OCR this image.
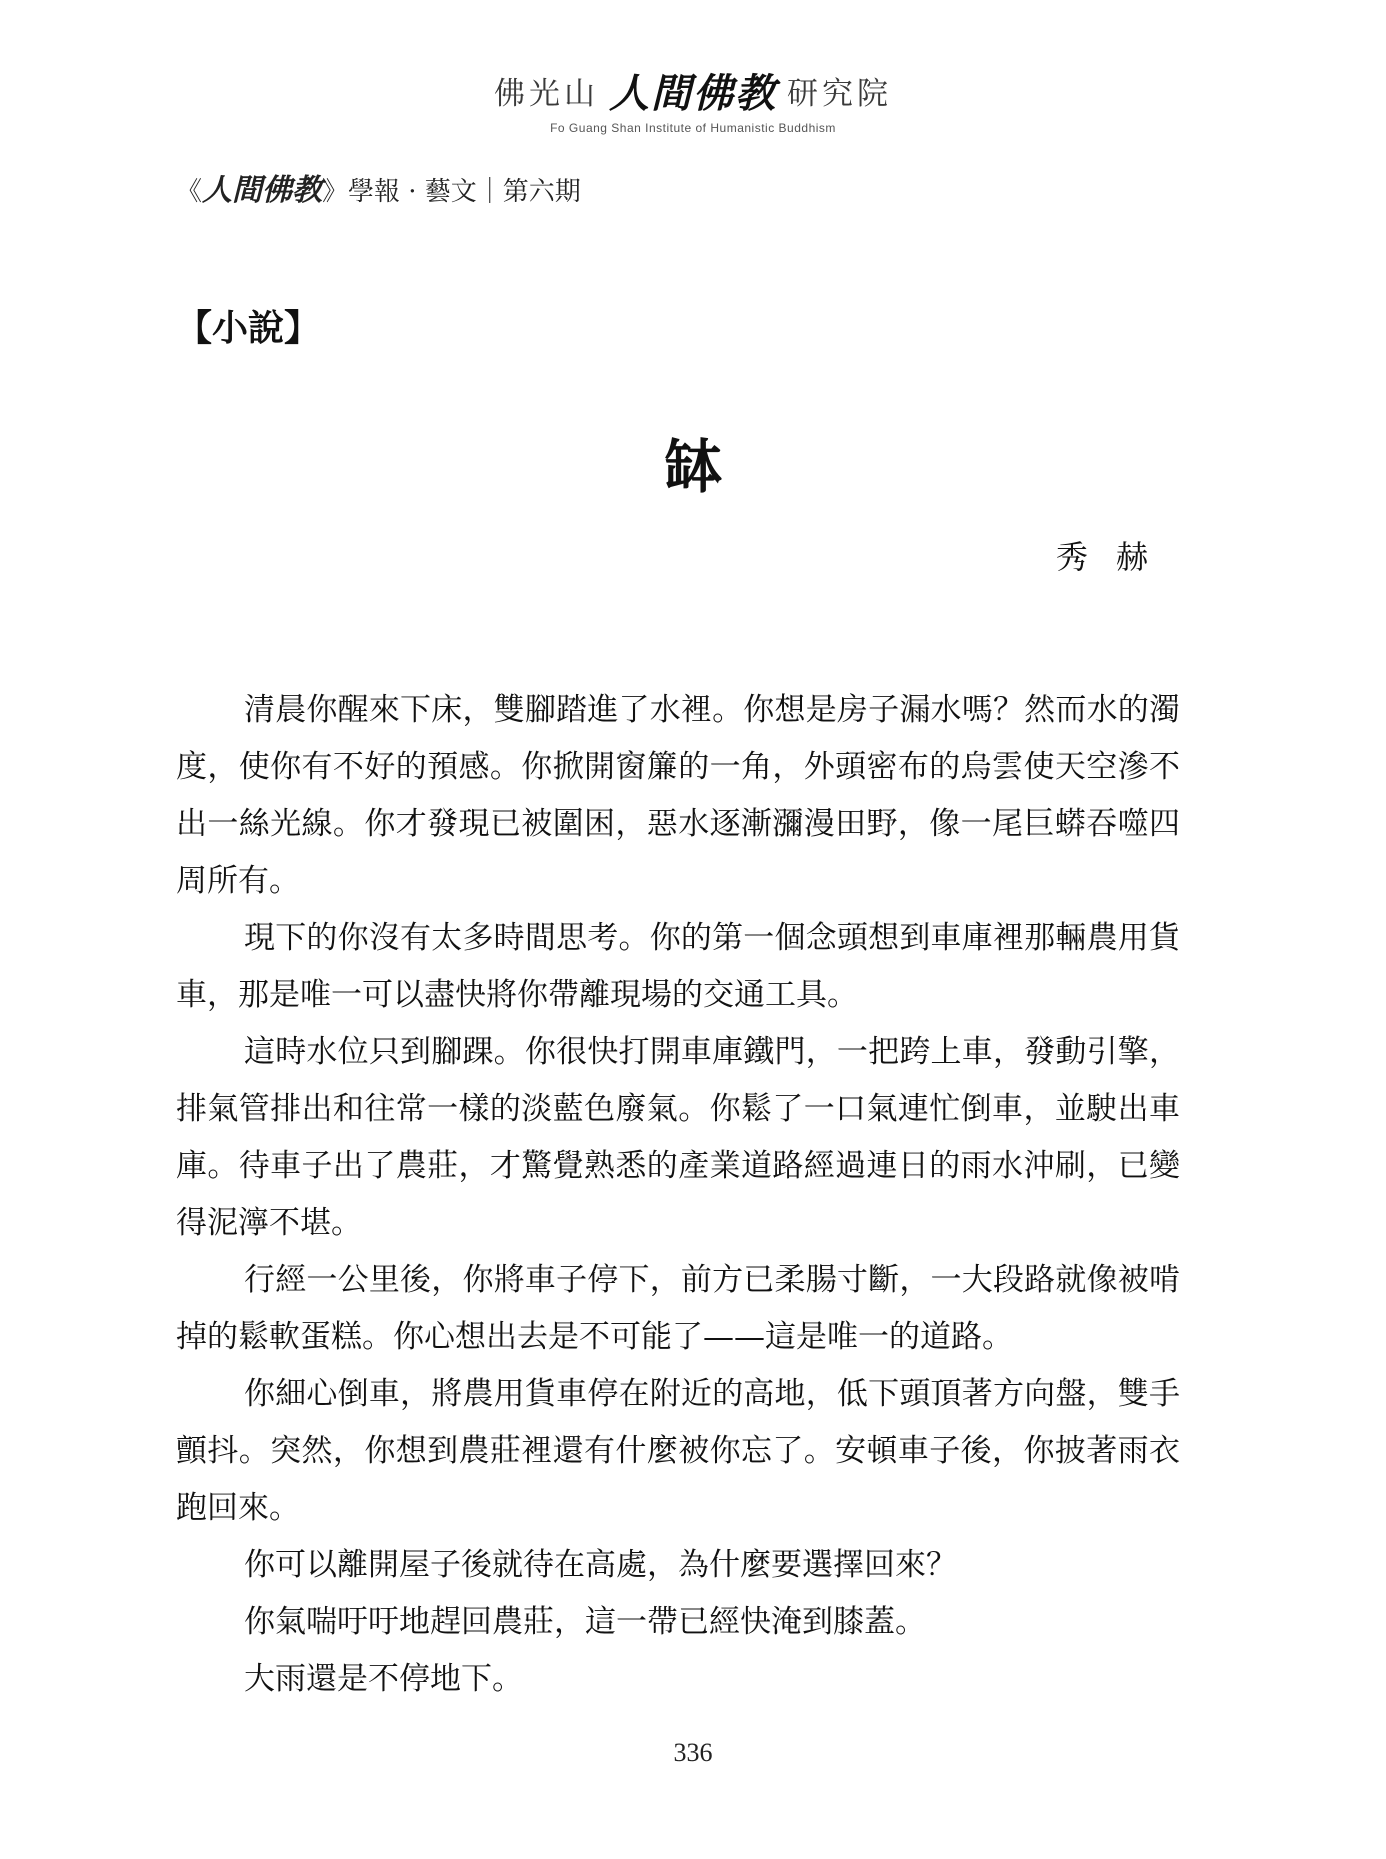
佛光山 人間佛教 研究院
Fo Guang Shan Institute of Humanistic Buddhism
《人間佛教》學報 · 藝文｜第六期
【小說】
缽
秀赫

清晨你醒來下床，雙腳踏進了水裡。你想是房子漏水嗎？然而水的濁度，使你有不好的預感。你掀開窗簾的一角，外頭密布的烏雲使天空滲不出一絲光線。你才發現已被圍困，惡水逐漸瀰漫田野，像一尾巨蟒吞噬四周所有。

現下的你沒有太多時間思考。你的第一個念頭想到車庫裡那輛農用貨車，那是唯一可以盡快將你帶離現場的交通工具。

這時水位只到腳踝。你很快打開車庫鐵門，一把跨上車，發動引擎，排氣管排出和往常一樣的淡藍色廢氣。你鬆了一口氣連忙倒車，並駛出車庫。待車子出了農莊，才驚覺熟悉的產業道路經過連日的雨水沖刷，已變得泥濘不堪。

行經一公里後，你將車子停下，前方已柔腸寸斷，一大段路就像被啃掉的鬆軟蛋糕。你心想出去是不可能了——這是唯一的道路。

你細心倒車，將農用貨車停在附近的高地，低下頭頂著方向盤，雙手顫抖。突然，你想到農莊裡還有什麼被你忘了。安頓車子後，你披著雨衣跑回來。

你可以離開屋子後就待在高處，為什麼要選擇回來？

你氣喘吁吁地趕回農莊，這一帶已經快淹到膝蓋。

大雨還是不停地下。

336
